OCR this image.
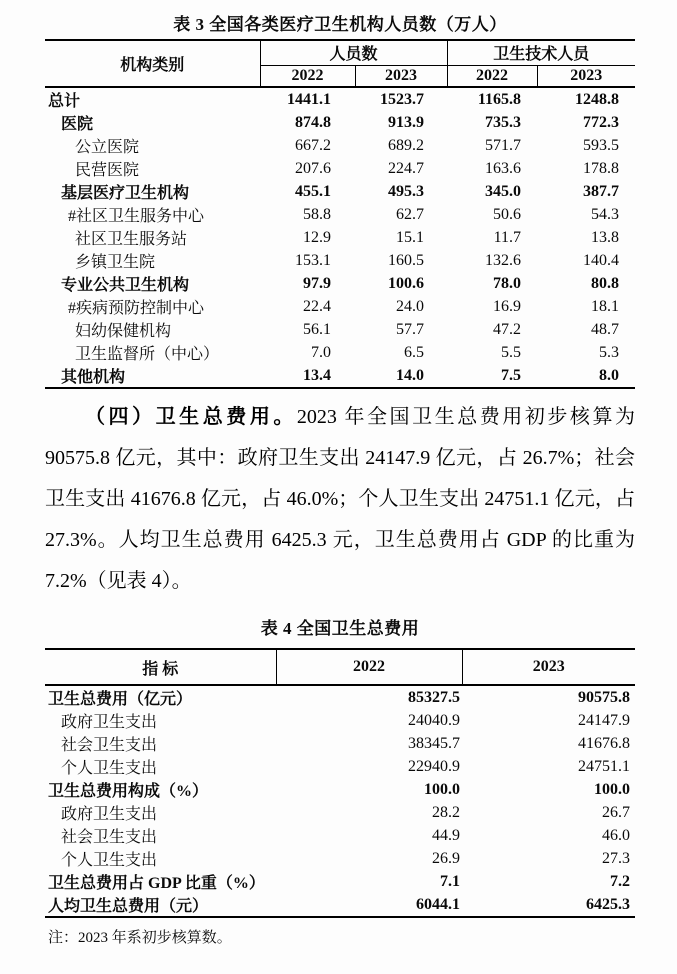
表 3 全国各类医疗卫生机构人员数（万人）
机构类别	人员数		卫生技术人员	
	2022	2023	2022	2023
总计	1441.1	1523.7	1165.8	1248.8
医院	874.8	913.9	735.3	772.3
公立医院	667.2	689.2	571.7	593.5
民营医院	207.6	224.7	163.6	178.8
基层医疗卫生机构	455.1	495.3	345.0	387.7
#社区卫生服务中心	58.8	62.7	50.6	54.3
社区卫生服务站	12.9	15.1	11.7	13.8
乡镇卫生院	153.1	160.5	132.6	140.4
专业公共卫生机构	97.9	100.6	78.0	80.8
#疾病预防控制中心	22.4	24.0	16.9	18.1
妇幼保健机构	56.1	57.7	47.2	48.7
卫生监督所（中心）	7.0	6.5	5.5	5.3
其他机构	13.4	14.0	7.5	8.0

（四）卫生总费用。2023 年全国卫生总费用初步核算为 90575.8 亿元，其中：政府卫生支出 24147.9 亿元，占 26.7%；社会卫生支出 41676.8 亿元，占 46.0%；个人卫生支出 24751.1 亿元，占 27.3%。人均卫生总费用 6425.3 元，卫生总费用占 GDP 的比重为 7.2%（见表 4）。

表 4 全国卫生总费用
指 标	2022	2023
卫生总费用（亿元）	85327.5	90575.8
政府卫生支出	24040.9	24147.9
社会卫生支出	38345.7	41676.8
个人卫生支出	22940.9	24751.1
卫生总费用构成（%）	100.0	100.0
政府卫生支出	28.2	26.7
社会卫生支出	44.9	46.0
个人卫生支出	26.9	27.3
卫生总费用占 GDP 比重（%）	7.1	7.2
人均卫生总费用（元）	6044.1	6425.3

注：2023 年系初步核算数。
